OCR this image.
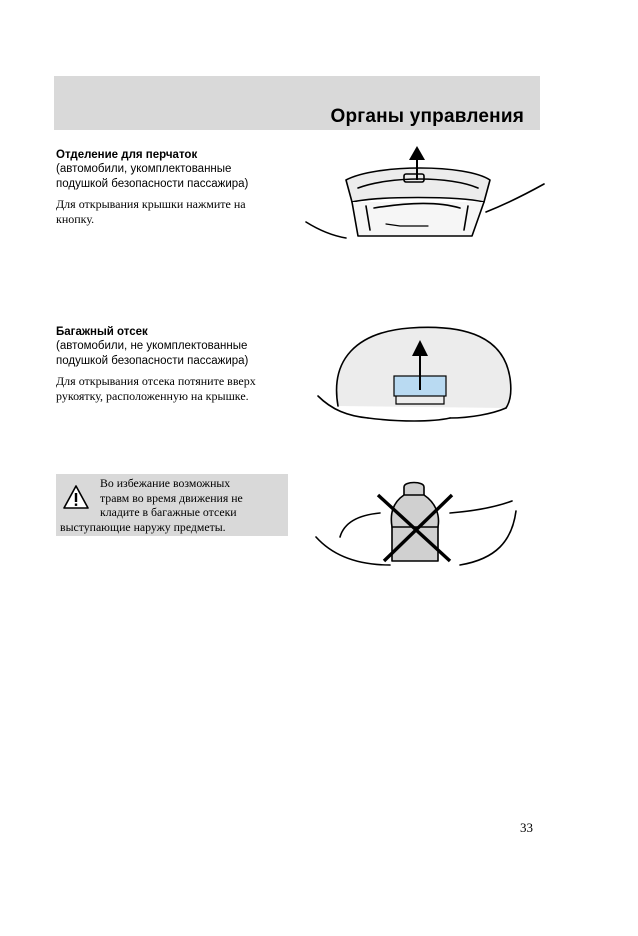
Органы управления
Отделение для перчаток
(автомобили, укомплектованные
подушкой безопасности пассажира)
Для открывания крышки нажмите на
кнопку.
Багажный отсек
(автомобили, не укомплектованные
подушкой безопасности пассажира)
Для открывания отсека потяните вверх
рукоятку, расположенную на крышке.
Во избежание возможных
травм во время движения не
кладите в багажные отсеки
выступающие наружу предметы.
33
